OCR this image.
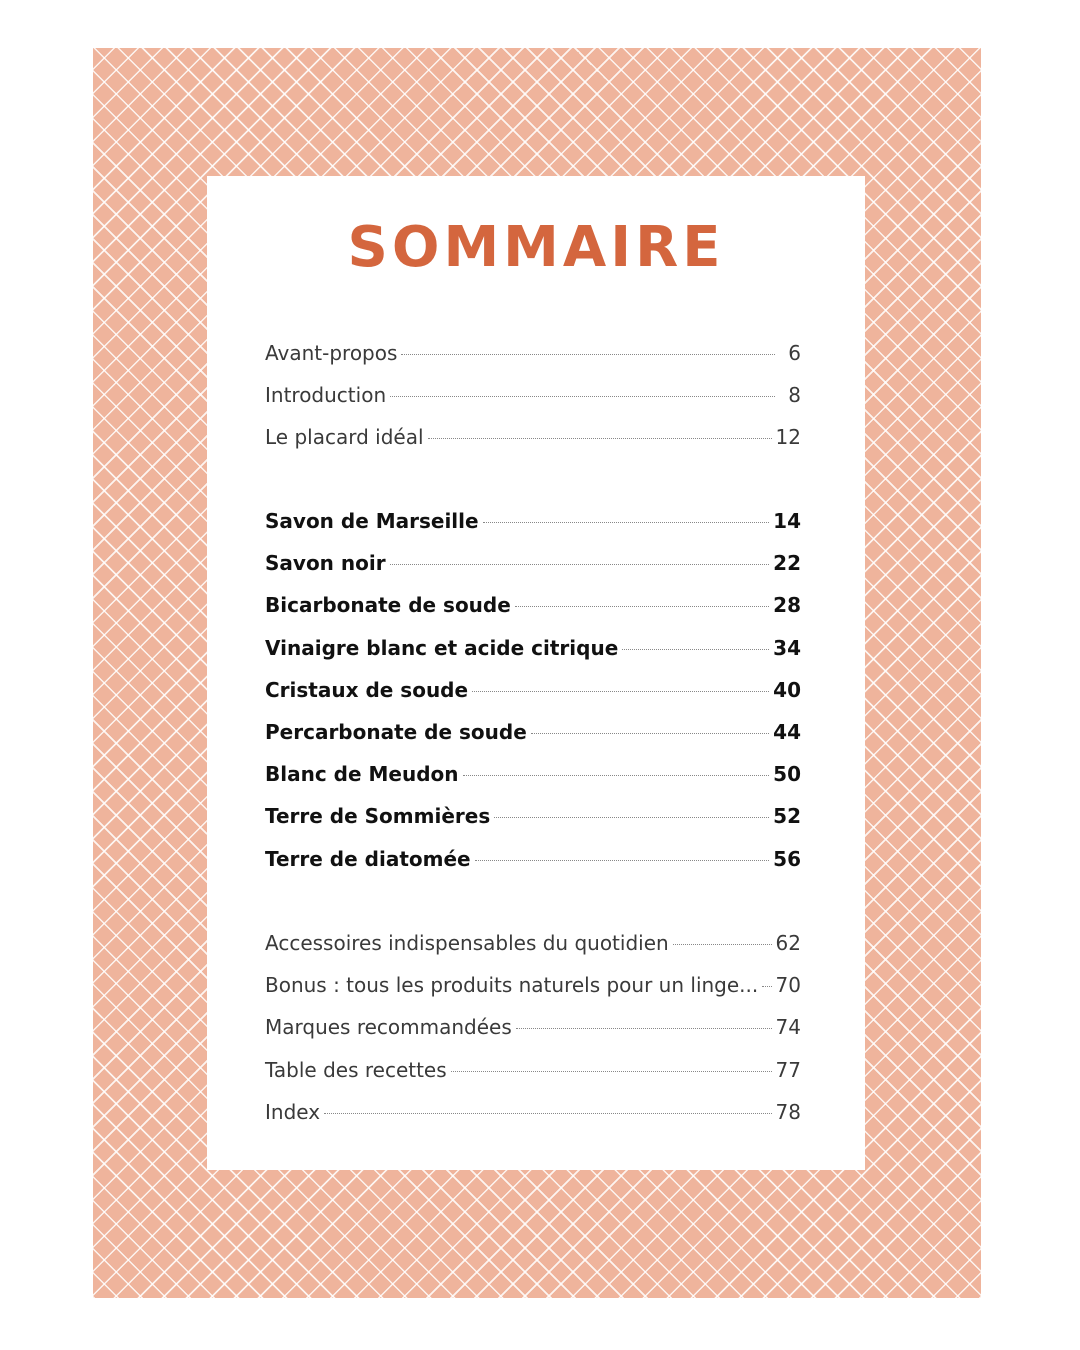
SOMMAIRE
Avant-propos	6
Introduction	8
Le placard idéal	12
Savon de Marseille	14
Savon noir	22
Bicarbonate de soude	28
Vinaigre blanc et acide citrique	34
Cristaux de soude	40
Percarbonate de soude	44
Blanc de Meudon	50
Terre de Sommières	52
Terre de diatomée	56
Accessoires indispensables du quotidien	62
Bonus : tous les produits naturels pour un linge... 70
Marques recommandées	74
Table des recettes	77
Index	78
